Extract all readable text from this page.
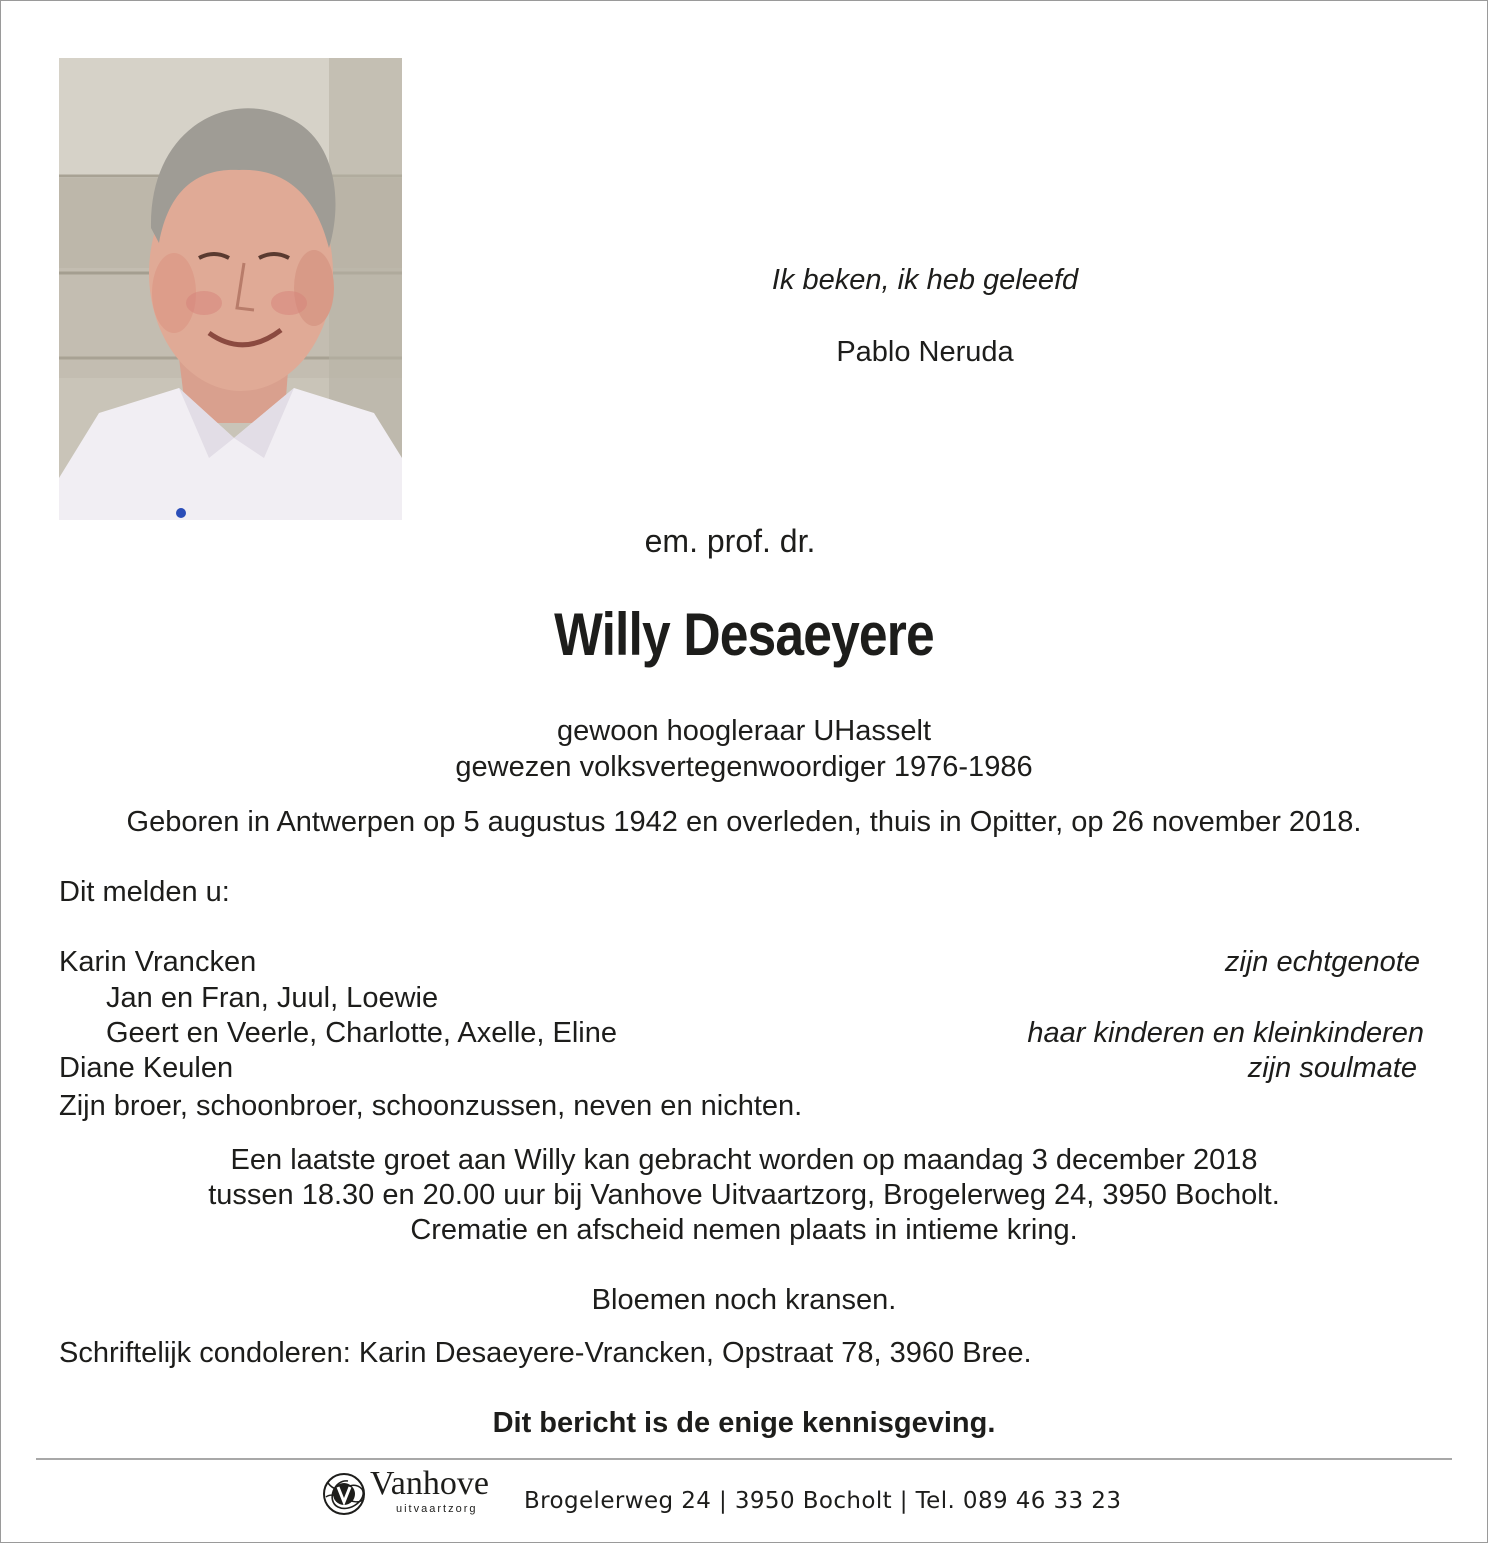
Ik beken, ik heb geleefd
Pablo Neruda
em. prof. dr.
Willy Desaeyere
gewoon hoogleraar UHasselt
gewezen volksvertegenwoordiger 1976-1986
Geboren in Antwerpen op 5 augustus 1942 en overleden, thuis in Opitter, op 26 november 2018.
Dit melden u:
Karin Vrancken	zijn echtgenote
Jan en Fran, Juul, Loewie
Geert en Veerle, Charlotte, Axelle, Eline	haar kinderen en kleinkinderen
Diane Keulen	zijn soulmate
Zijn broer, schoonbroer, schoonzussen, neven en nichten.
Een laatste groet aan Willy kan gebracht worden op maandag 3 december 2018
tussen 18.30 en 20.00 uur bij Vanhove Uitvaartzorg, Brogelerweg 24, 3950 Bocholt.
Crematie en afscheid nemen plaats in intieme kring.
Bloemen noch kransen.
Schriftelijk condoleren: Karin Desaeyere-Vrancken, Opstraat 78, 3960 Bree.
Dit bericht is de enige kennisgeving.
Vanhove
uitvaartzorg Brogelerweg 24 | 3950 Bocholt | Tel. 089 46 33 23
